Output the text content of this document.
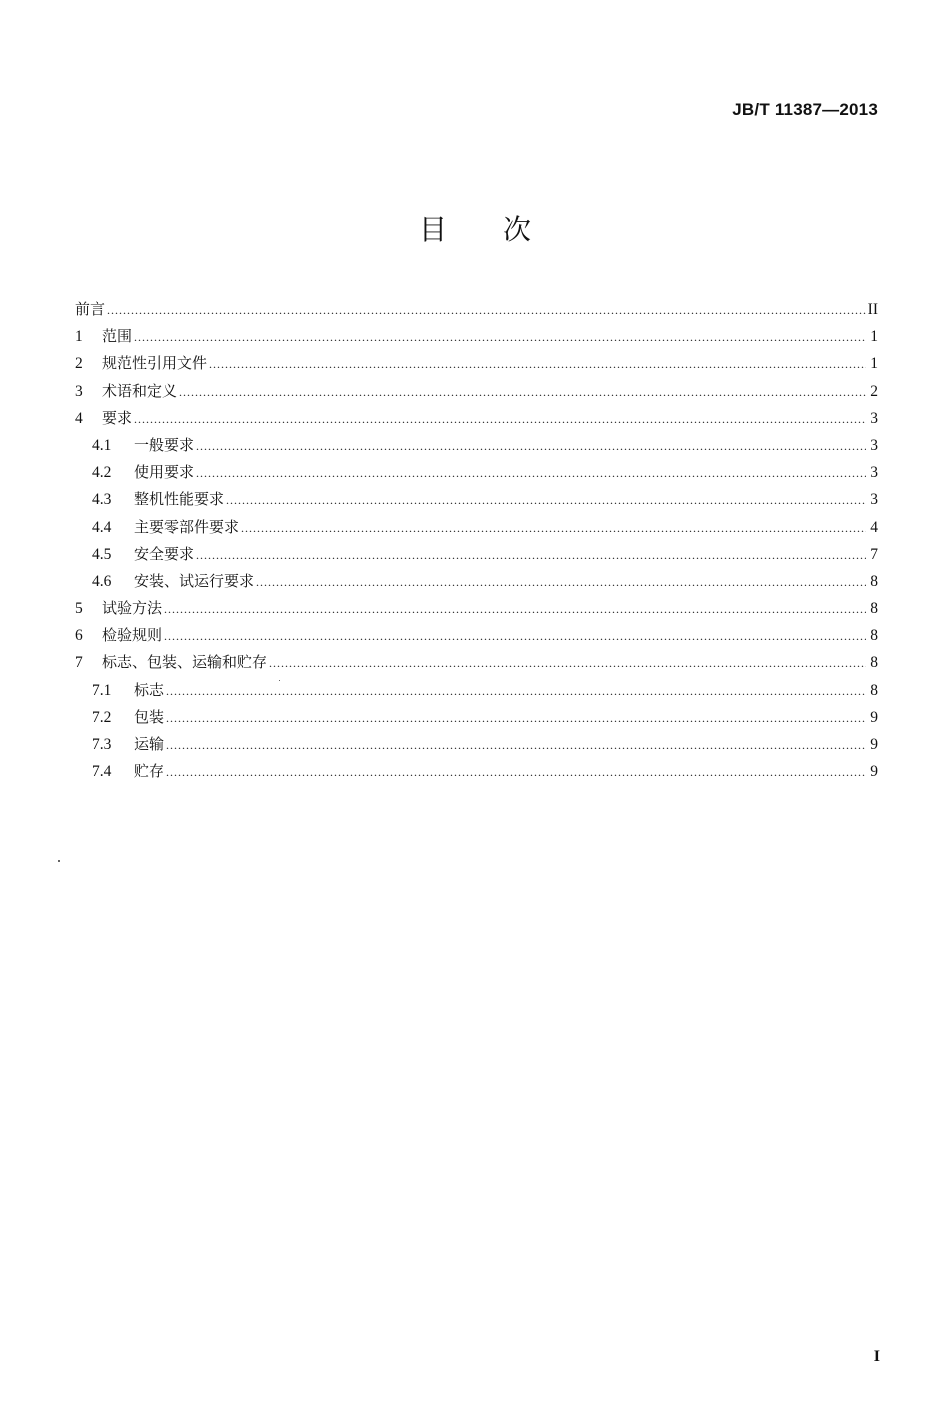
JB/T 11387—2013
目次
前言 .....	II
1	范围 .....	1
2	规范性引用文件 .....	1
3	术语和定义 .....	2
4	要求 .....	3
4.1	一般要求 .....	3
4.2	使用要求 .....	3
4.3	整机性能要求 .....	3
4.4	主要零部件要求 .....	4
4.5	安全要求 .....	7
4.6	安装、试运行要求 .....	8
5	试验方法 .....	8
6	检验规则 .....	8
7	标志、包装、运输和贮存 .....	8
7.1	标志 .....	8
7.2	包装 .....	9
7.3	运输 .....	9
7.4	贮存 .....	9
I
